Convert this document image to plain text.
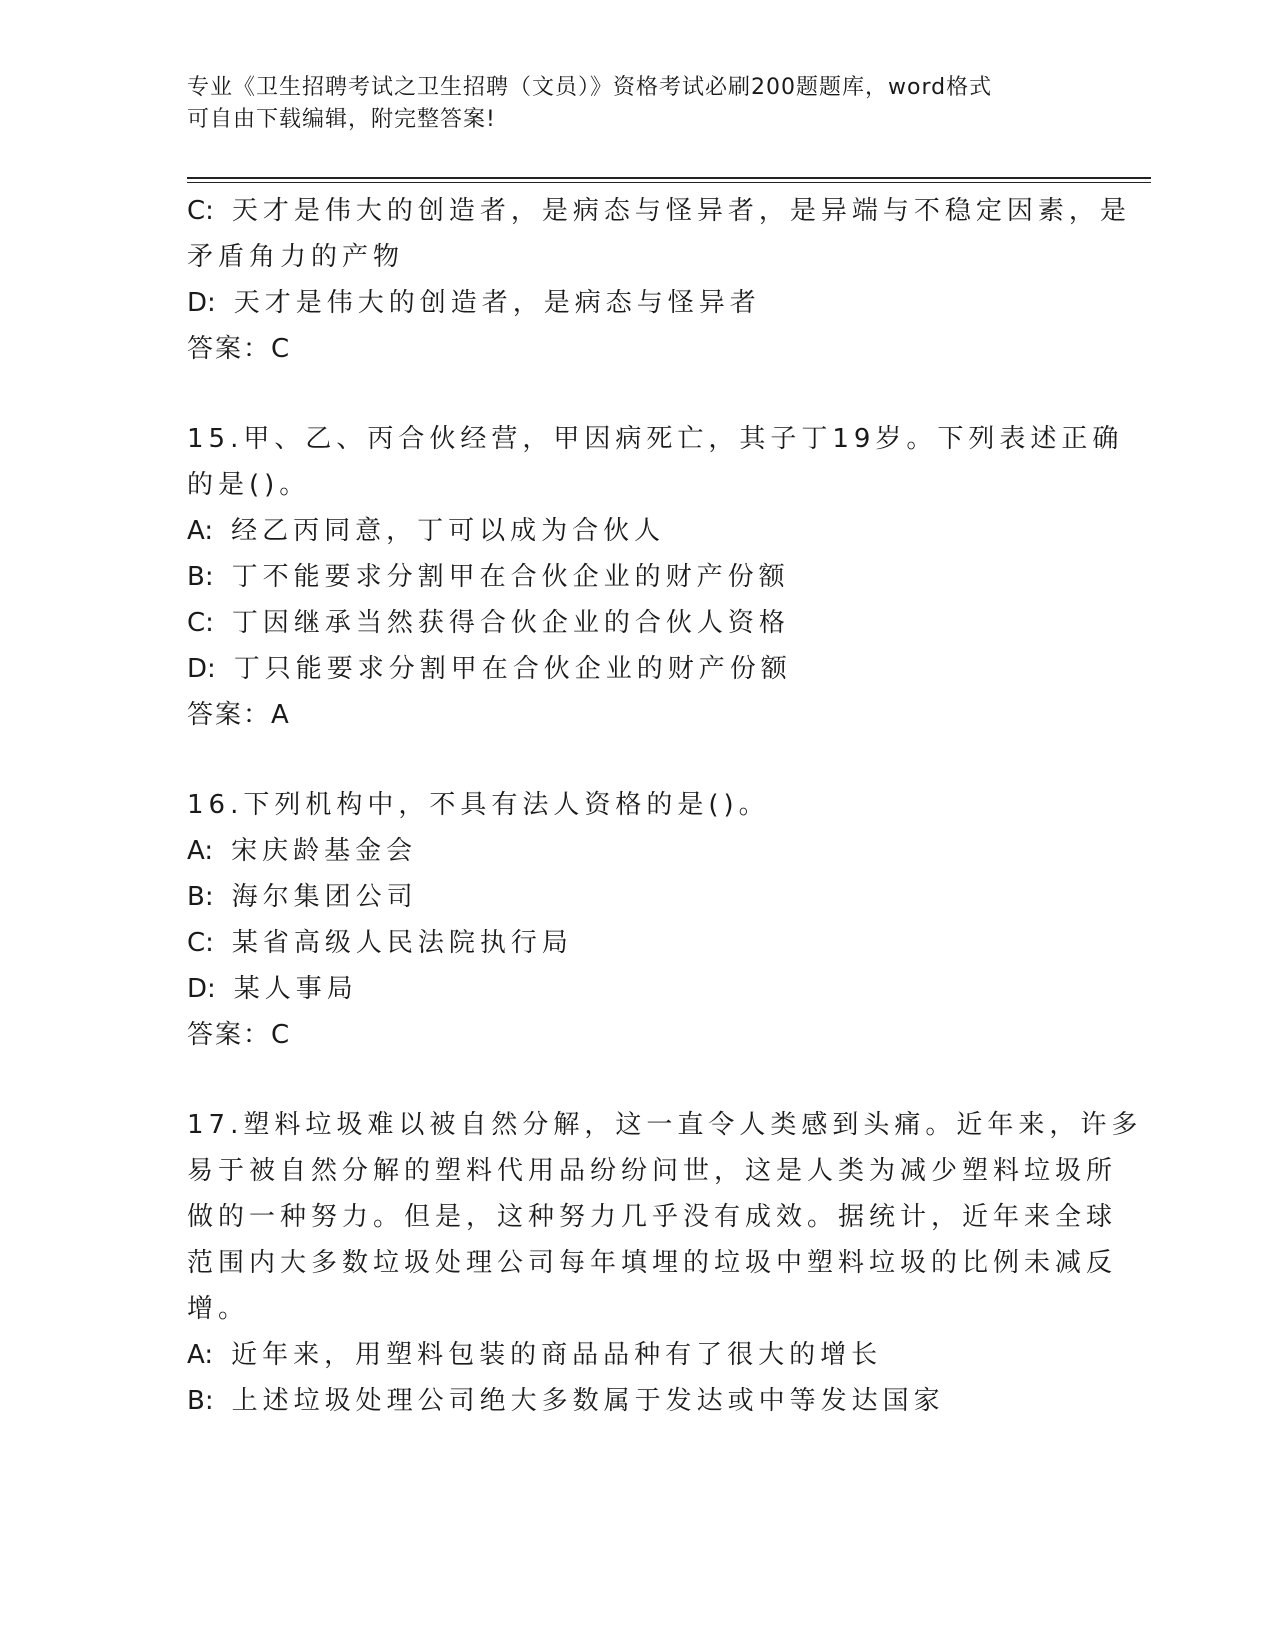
专业《卫生招聘考试之卫生招聘（文员）》资格考试必刷200题题库，word格式
可自由下载编辑，附完整答案!
C: 天才是伟大的创造者，是病态与怪异者，是异端与不稳定因素，是
矛盾角力的产物
D: 天才是伟大的创造者，是病态与怪异者
答案：C
15.甲、乙、丙合伙经营，甲因病死亡，其子丁19岁。下列表述正确
的是()。
A: 经乙丙同意，丁可以成为合伙人
B: 丁不能要求分割甲在合伙企业的财产份额
C: 丁因继承当然获得合伙企业的合伙人资格
D: 丁只能要求分割甲在合伙企业的财产份额
答案：A
16.下列机构中，不具有法人资格的是()。
A: 宋庆龄基金会
B: 海尔集团公司
C: 某省高级人民法院执行局
D: 某人事局
答案：C
17.塑料垃圾难以被自然分解，这一直令人类感到头痛。近年来，许多
易于被自然分解的塑料代用品纷纷问世，这是人类为减少塑料垃圾所
做的一种努力。但是，这种努力几乎没有成效。据统计，近年来全球
范围内大多数垃圾处理公司每年填埋的垃圾中塑料垃圾的比例未减反
增。
A: 近年来，用塑料包装的商品品种有了很大的增长
B: 上述垃圾处理公司绝大多数属于发达或中等发达国家
